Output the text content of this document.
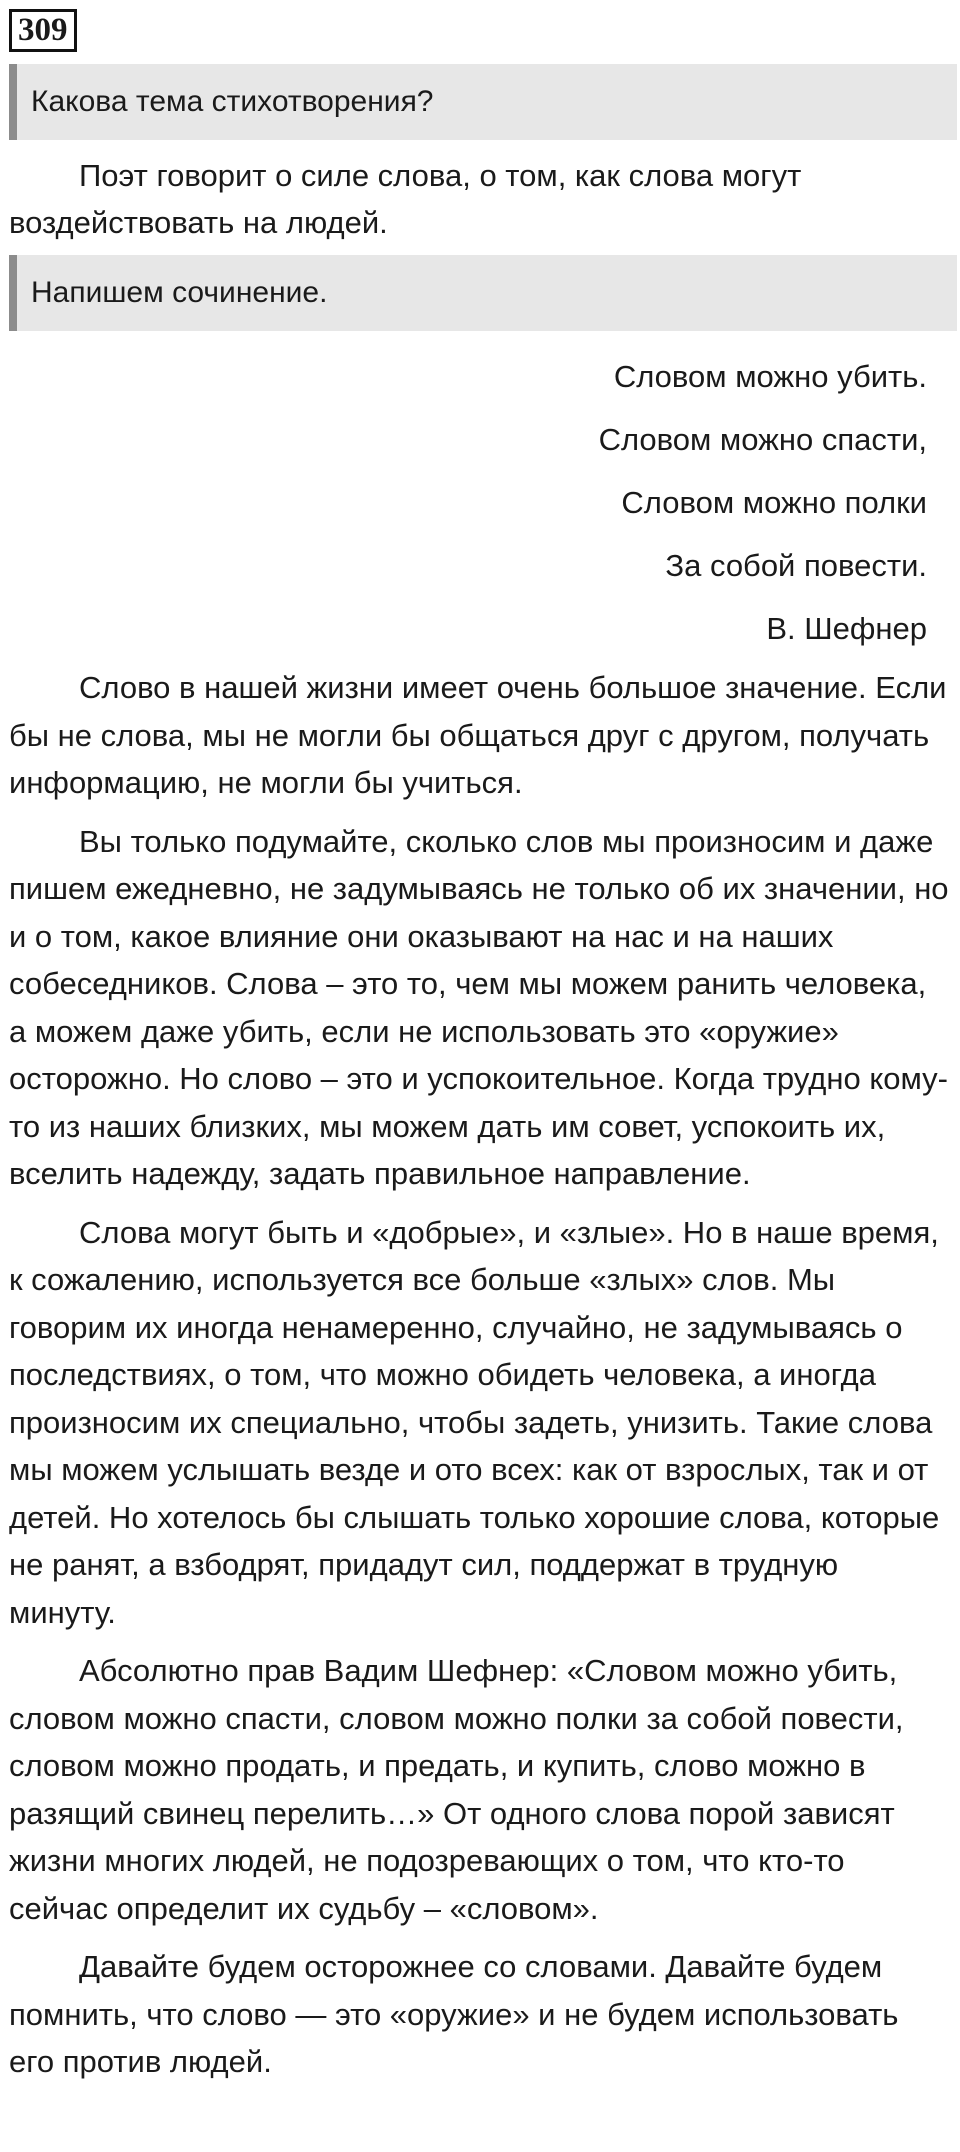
309
Какова тема стихотворения?

Поэт говорит о силе слова, о том, как слова могут воздействовать на людей.

Напишем сочинение.
Словом можно убить.
Словом можно спасти,
Словом можно полки
За собой повести.
В. Шефнер

Слово в нашей жизни имеет очень большое значение. Если бы не слова, мы не могли бы общаться друг с другом, получать информацию, не могли бы учиться.

Вы только подумайте, сколько слов мы произносим и даже пишем ежедневно, не задумываясь не только об их значении, но и о том, какое влияние они оказывают на нас и на наших собеседников. Слова – это то, чем мы можем ранить человека, а можем даже убить, если не использовать это «оружие» осторожно. Но слово – это и успокоительное. Когда трудно кому-то из наших близких, мы можем дать им совет, успокоить их, вселить надежду, задать правильное направление.

Слова могут быть и «добрые», и «злые». Но в наше время, к сожалению, используется все больше «злых» слов. Мы говорим их иногда ненамеренно, случайно, не задумываясь о последствиях, о том, что можно обидеть человека, а иногда произносим их специально, чтобы задеть, унизить. Такие слова мы можем услышать везде и ото всех: как от взрослых, так и от детей. Но хотелось бы слышать только хорошие слова, которые не ранят, а взбодрят, придадут сил, поддержат в трудную минуту.

Абсолютно прав Вадим Шефнер: «Словом можно убить, словом можно спасти, словом можно полки за собой повести, словом можно продать, и предать, и купить, слово можно в разящий свинец перелить…» От одного слова порой зависят жизни многих людей, не подозревающих о том, что кто-то сейчас определит их судьбу – «словом».

Давайте будем осторожнее со словами. Давайте будем помнить, что слово — это «оружие» и не будем использовать его против людей.
